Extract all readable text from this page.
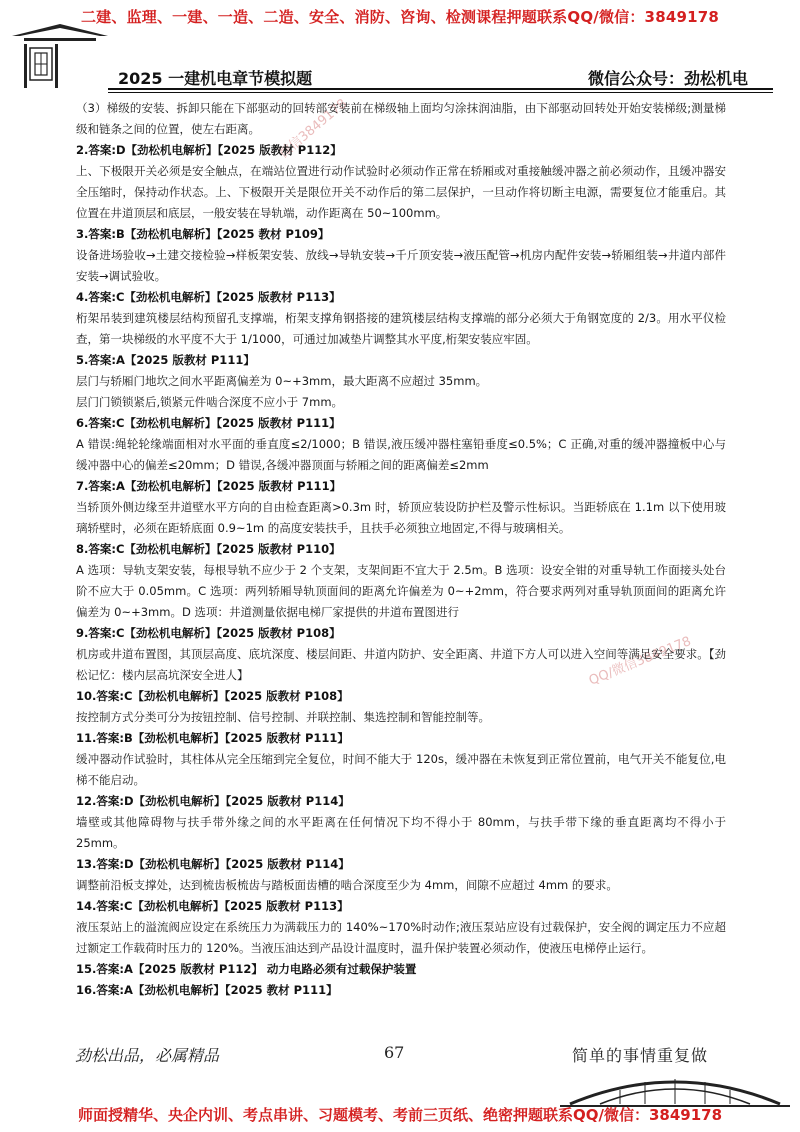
二建、监理、一建、一造、二造、安全、消防、咨询、检测课程押题联系QQ/微信：3849178
2025 一建机电章节模拟题	微信公众号：劲松机电
微信3849178
QQ/微信3849178

（3）梯级的安装、拆卸只能在下部驱动的回转部安装前在梯级轴上面均匀涂抹润油脂，由下部驱动回转处开始安装梯级;测量梯级和链条之间的位置，使左右距离。

2.答案:D【劲松机电解析】【2025 版教材 P112】

上、下极限开关必须是安全触点，在端站位置进行动作试验时必须动作正常在轿厢或对重接触缓冲器之前必须动作，且缓冲器安全压缩时，保持动作状态。上、下极限开关是限位开关不动作后的第二层保护，一旦动作将切断主电源，需要复位才能重启。其位置在井道顶层和底层，一般安装在导轨端，动作距离在 50~100mm。

3.答案:B【劲松机电解析】【2025 教材 P109】

设备进场验收→土建交接检验→样板架安装、放线→导轨安装→千斤顶安装→液压配管→机房内配件安装→轿厢组装→井道内部件安装→调试验收。

4.答案:C【劲松机电解析】【2025 版教材 P113】

桁架吊装到建筑楼层结构预留孔支撑端，桁架支撑角钢搭接的建筑楼层结构支撑端的部分必须大于角钢宽度的 2/3。用水平仪检查，第一块梯级的水平度不大于 1/1000，可通过加减垫片调整其水平度,桁架安装应牢固。

5.答案:A【2025 版教材 P111】

层门与轿厢门地坎之间水平距离偏差为 0~+3mm，最大距离不应超过 35mm。

层门门锁锁紧后,锁紧元件啮合深度不应小于 7mm。

6.答案:C【劲松机电解析】【2025 版教材 P111】

A 错误:绳轮轮缘端面相对水平面的垂直度≤2/1000；B 错误,液压缓冲器柱塞铅垂度≤0.5%；C 正确,对重的缓冲器撞板中心与缓冲器中心的偏差≤20mm；D 错误,各缓冲器顶面与轿厢之间的距离偏差≤2mm

7.答案:A【劲松机电解析】【2025 版教材 P111】

当轿顶外侧边缘至井道壁水平方向的自由检查距离>0.3m 时，轿顶应装设防护栏及警示性标识。当距轿底在 1.1m 以下使用玻璃轿壁时，必须在距轿底面 0.9~1m 的高度安装扶手，且扶手必须独立地固定,不得与玻璃相关。

8.答案:C【劲松机电解析】【2025 版教材 P110】

A 选项：导轨支架安装，每根导轨不应少于 2 个支架，支架间距不宜大于 2.5m。B 选项：设安全钳的对重导轨工作面接头处台阶不应大于 0.05mm。C 选项：两列轿厢导轨顶面间的距离允许偏差为 0~+2mm，符合要求两列对重导轨顶面间的距离允许偏差为 0~+3mm。D 选项：井道测量依据电梯厂家提供的井道布置图进行

9.答案:C【劲松机电解析】【2025 版教材 P108】

机房或井道布置图，其顶层高度、底坑深度、楼层间距、井道内防护、安全距离、井道下方人可以进入空间等满足安全要求。【劲松记忆：楼内层高坑深安全进人】

10.答案:C【劲松机电解析】【2025 版教材 P108】

按控制方式分类可分为按钮控制、信号控制、并联控制、集选控制和智能控制等。

11.答案:B【劲松机电解析】【2025 版教材 P111】

缓冲器动作试验时，其柱体从完全压缩到完全复位，时间不能大于 120s，缓冲器在未恢复到正常位置前，电气开关不能复位,电梯不能启动。

12.答案:D【劲松机电解析】【2025 版教材 P114】

墙壁或其他障碍物与扶手带外缘之间的水平距离在任何情况下均不得小于 80mm，与扶手带下缘的垂直距离均不得小于 25mm。

13.答案:D【劲松机电解析】【2025 版教材 P114】

调整前沿板支撑处，达到梳齿板梳齿与踏板面齿槽的啮合深度至少为 4mm，间隙不应超过 4mm 的要求。

14.答案:C【劲松机电解析】【2025 版教材 P113】

液压泵站上的溢流阀应设定在系统压力为满载压力的 140%~170%时动作;液压泵站应设有过载保护，安全阀的调定压力不应超过额定工作载荷时压力的 120%。当液压油达到产品设计温度时，温升保护装置必须动作，使液压电梯停止运行。

15.答案:A【2025 版教材 P112】 动力电路必须有过载保护装置

16.答案:A【劲松机电解析】【2025 教材 P111】

劲松出品，必属精品	67	简单的事情重复做
师面授精华、央企内训、考点串讲、习题模考、考前三页纸、绝密押题联系QQ/微信：3849178
